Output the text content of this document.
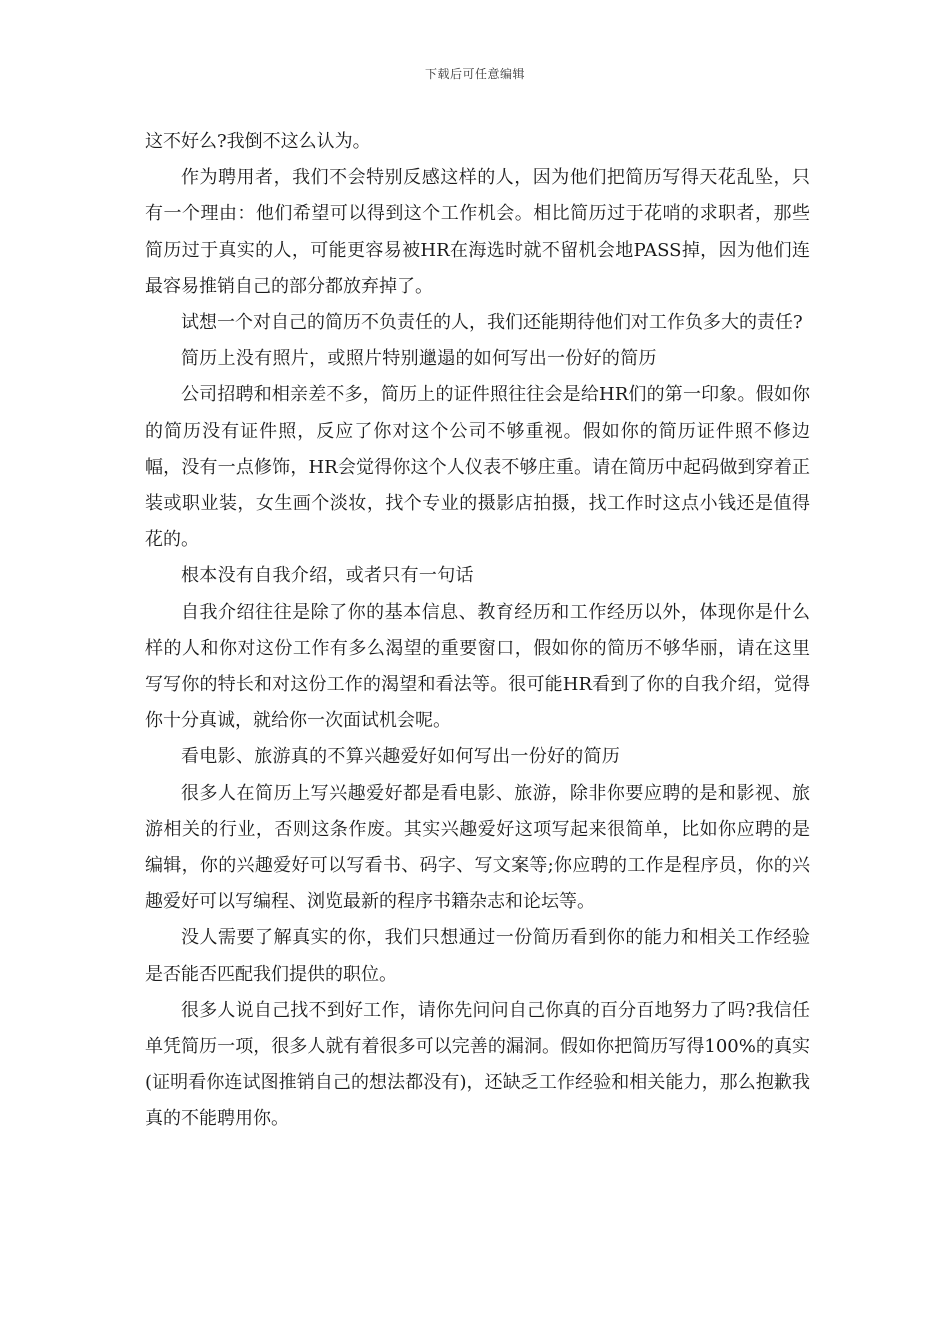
下载后可任意编辑

这不好么?我倒不这么认为。

作为聘用者，我们不会特别反感这样的人，因为他们把简历写得天花乱坠，只有一个理由：他们希望可以得到这个工作机会。相比简历过于花哨的求职者，那些简历过于真实的人，可能更容易被HR在海选时就不留机会地PASS掉，因为他们连最容易推销自己的部分都放弃掉了。

试想一个对自己的简历不负责任的人，我们还能期待他们对工作负多大的责任?

简历上没有照片，或照片特别邋遢的如何写出一份好的简历

公司招聘和相亲差不多，简历上的证件照往往会是给HR们的第一印象。假如你的简历没有证件照，反应了你对这个公司不够重视。假如你的简历证件照不修边幅，没有一点修饰，HR会觉得你这个人仪表不够庄重。请在简历中起码做到穿着正装或职业装，女生画个淡妆，找个专业的摄影店拍摄，找工作时这点小钱还是值得花的。

根本没有自我介绍，或者只有一句话

自我介绍往往是除了你的基本信息、教育经历和工作经历以外，体现你是什么样的人和你对这份工作有多么渴望的重要窗口，假如你的简历不够华丽，请在这里写写你的特长和对这份工作的渴望和看法等。很可能HR看到了你的自我介绍，觉得你十分真诚，就给你一次面试机会呢。

看电影、旅游真的不算兴趣爱好如何写出一份好的简历

很多人在简历上写兴趣爱好都是看电影、旅游，除非你要应聘的是和影视、旅游相关的行业，否则这条作废。其实兴趣爱好这项写起来很简单，比如你应聘的是编辑，你的兴趣爱好可以写看书、码字、写文案等;你应聘的工作是程序员，你的兴趣爱好可以写编程、浏览最新的程序书籍杂志和论坛等。

没人需要了解真实的你，我们只想通过一份简历看到你的能力和相关工作经验是否能否匹配我们提供的职位。

很多人说自己找不到好工作，请你先问问自己你真的百分百地努力了吗?我信任单凭简历一项，很多人就有着很多可以完善的漏洞。假如你把简历写得100%的真实(证明看你连试图推销自己的想法都没有)，还缺乏工作经验和相关能力，那么抱歉我真的不能聘用你。
